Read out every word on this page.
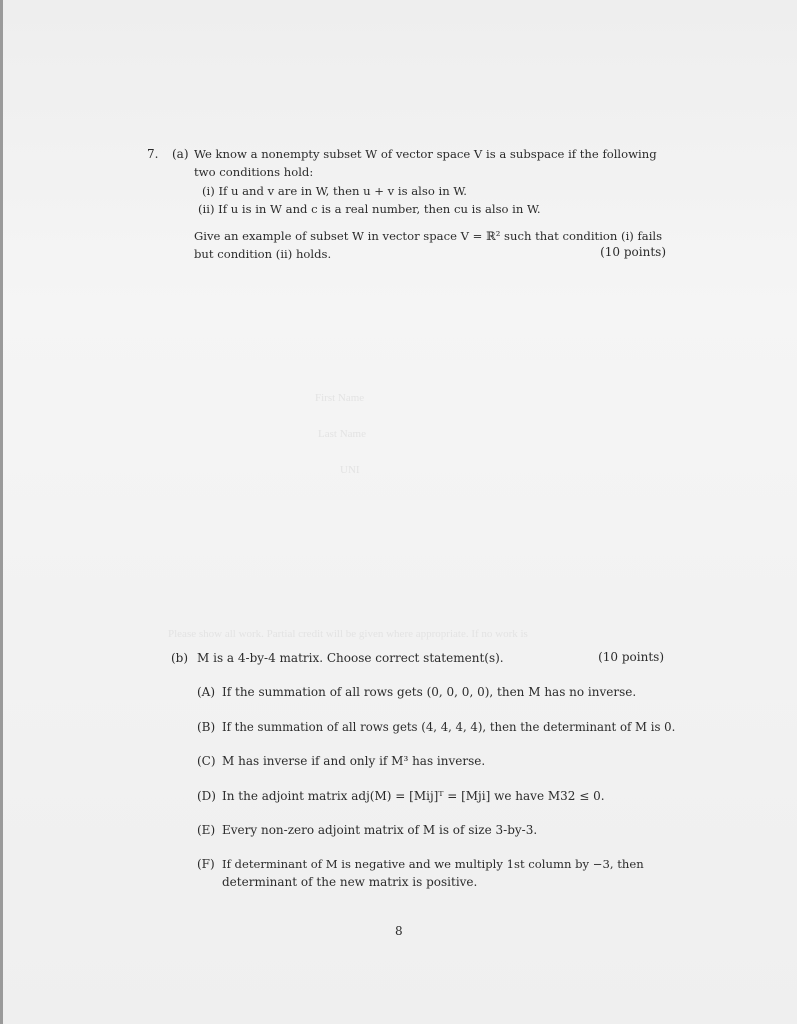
First Name
Last Name
UNI
Please show all work. Partial credit will be given where appropriate. If no work is
7. (a) We know a nonempty subset W of vector space V is a subspace if the following
two conditions hold:
(i) If u and v are in W, then u + v is also in W.
(ii) If u is in W and c is a real number, then cu is also in W.
Give an example of subset W in vector space V = ℝ² such that condition (i) fails
but condition (ii) holds.	(10 points)
(b) M is a 4-by-4 matrix. Choose correct statement(s).	(10 points)
(A) If the summation of all rows gets (0, 0, 0, 0), then M has no inverse.
(B) If the summation of all rows gets (4, 4, 4, 4), then the determinant of M is 0.
(C) M has inverse if and only if M³ has inverse.
(D) In the adjoint matrix adj(M) = [Mij]ᵀ = [Mji] we have M32 ≤ 0.
(E) Every non-zero adjoint matrix of M is of size 3-by-3.
(F) If determinant of M is negative and we multiply 1st column by −3, then
determinant of the new matrix is positive.
8
